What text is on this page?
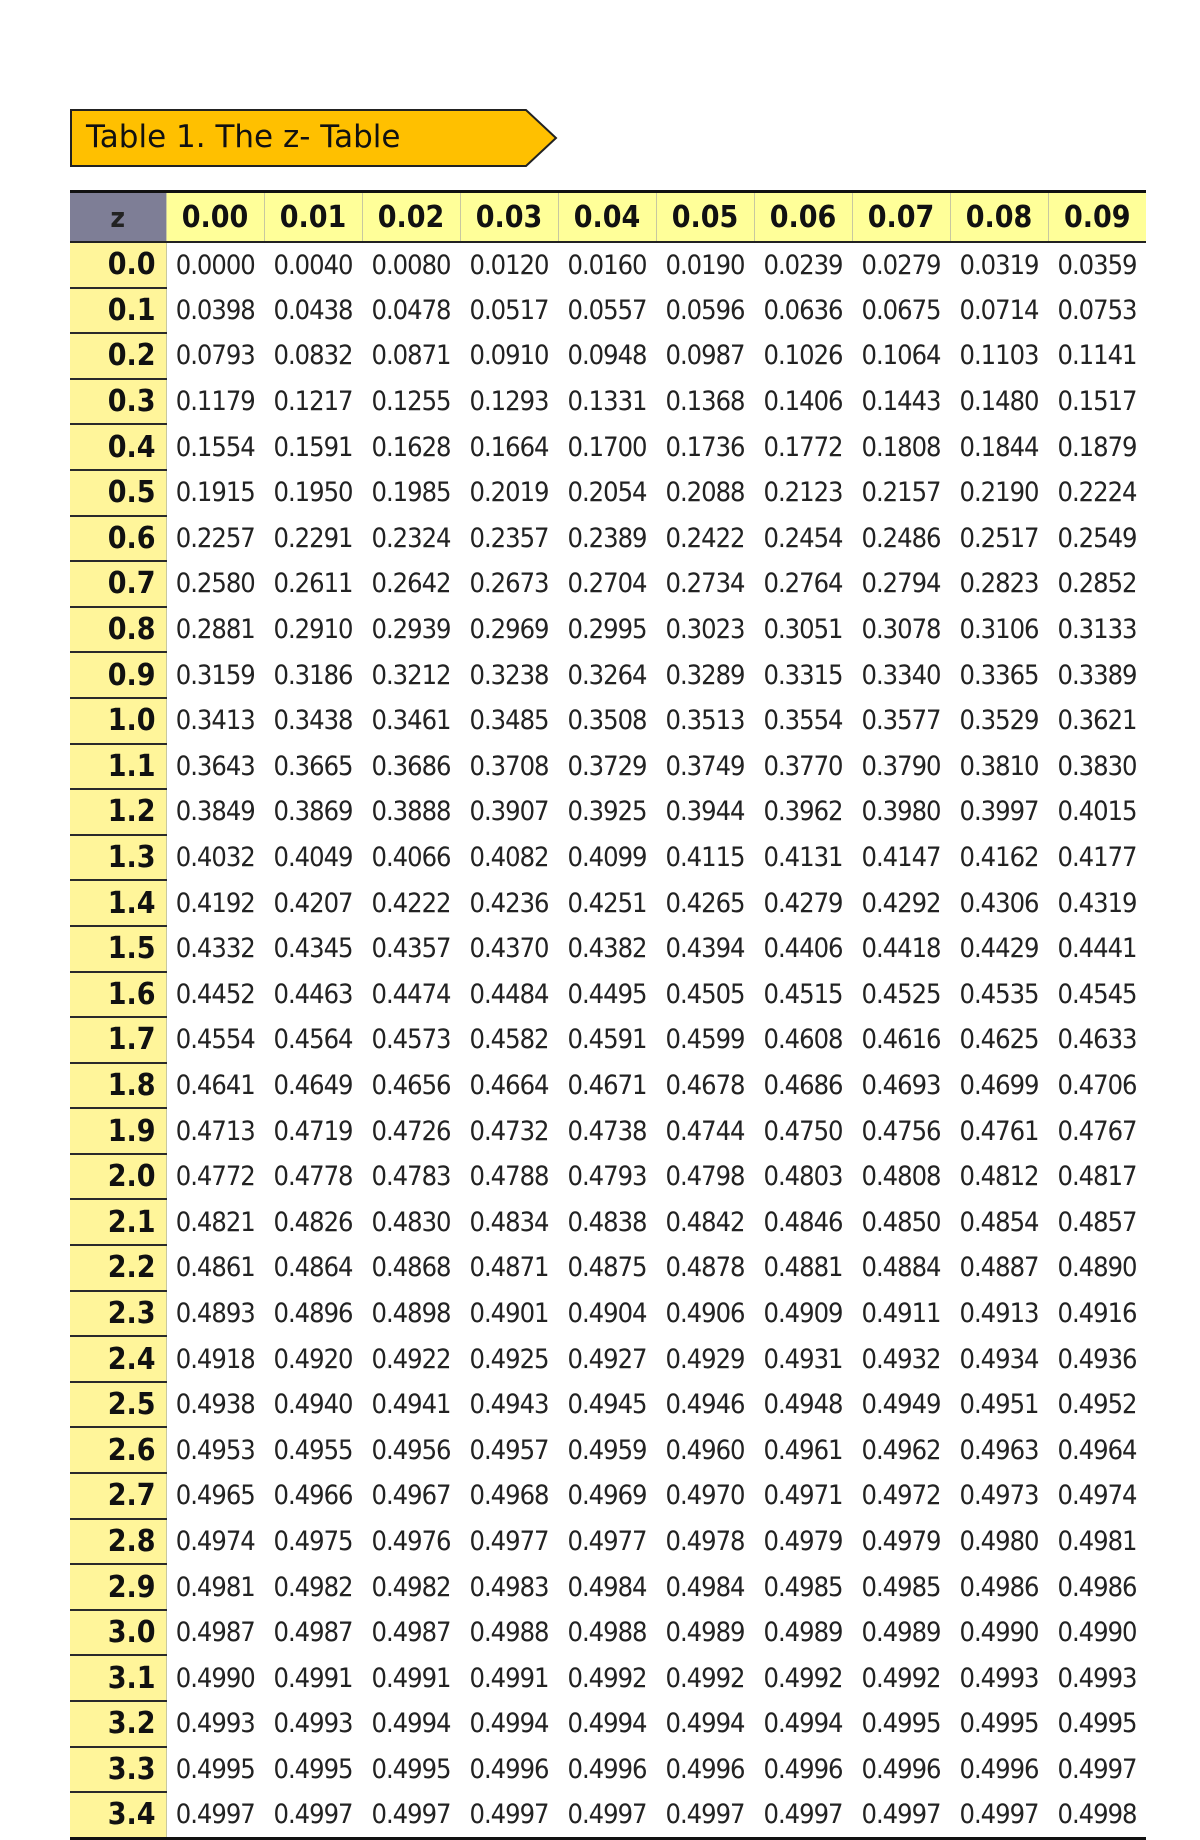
Table 1. The z- Table
z	0.00	0.01	0.02	0.03	0.04	0.05	0.06	0.07	0.08	0.09
0.0	0.0000	0.0040	0.0080	0.0120	0.0160	0.0190	0.0239	0.0279	0.0319	0.0359
0.1	0.0398	0.0438	0.0478	0.0517	0.0557	0.0596	0.0636	0.0675	0.0714	0.0753
0.2	0.0793	0.0832	0.0871	0.0910	0.0948	0.0987	0.1026	0.1064	0.1103	0.1141
0.3	0.1179	0.1217	0.1255	0.1293	0.1331	0.1368	0.1406	0.1443	0.1480	0.1517
0.4	0.1554	0.1591	0.1628	0.1664	0.1700	0.1736	0.1772	0.1808	0.1844	0.1879
0.5	0.1915	0.1950	0.1985	0.2019	0.2054	0.2088	0.2123	0.2157	0.2190	0.2224
0.6	0.2257	0.2291	0.2324	0.2357	0.2389	0.2422	0.2454	0.2486	0.2517	0.2549
0.7	0.2580	0.2611	0.2642	0.2673	0.2704	0.2734	0.2764	0.2794	0.2823	0.2852
0.8	0.2881	0.2910	0.2939	0.2969	0.2995	0.3023	0.3051	0.3078	0.3106	0.3133
0.9	0.3159	0.3186	0.3212	0.3238	0.3264	0.3289	0.3315	0.3340	0.3365	0.3389
1.0	0.3413	0.3438	0.3461	0.3485	0.3508	0.3513	0.3554	0.3577	0.3529	0.3621
1.1	0.3643	0.3665	0.3686	0.3708	0.3729	0.3749	0.3770	0.3790	0.3810	0.3830
1.2	0.3849	0.3869	0.3888	0.3907	0.3925	0.3944	0.3962	0.3980	0.3997	0.4015
1.3	0.4032	0.4049	0.4066	0.4082	0.4099	0.4115	0.4131	0.4147	0.4162	0.4177
1.4	0.4192	0.4207	0.4222	0.4236	0.4251	0.4265	0.4279	0.4292	0.4306	0.4319
1.5	0.4332	0.4345	0.4357	0.4370	0.4382	0.4394	0.4406	0.4418	0.4429	0.4441
1.6	0.4452	0.4463	0.4474	0.4484	0.4495	0.4505	0.4515	0.4525	0.4535	0.4545
1.7	0.4554	0.4564	0.4573	0.4582	0.4591	0.4599	0.4608	0.4616	0.4625	0.4633
1.8	0.4641	0.4649	0.4656	0.4664	0.4671	0.4678	0.4686	0.4693	0.4699	0.4706
1.9	0.4713	0.4719	0.4726	0.4732	0.4738	0.4744	0.4750	0.4756	0.4761	0.4767
2.0	0.4772	0.4778	0.4783	0.4788	0.4793	0.4798	0.4803	0.4808	0.4812	0.4817
2.1	0.4821	0.4826	0.4830	0.4834	0.4838	0.4842	0.4846	0.4850	0.4854	0.4857
2.2	0.4861	0.4864	0.4868	0.4871	0.4875	0.4878	0.4881	0.4884	0.4887	0.4890
2.3	0.4893	0.4896	0.4898	0.4901	0.4904	0.4906	0.4909	0.4911	0.4913	0.4916
2.4	0.4918	0.4920	0.4922	0.4925	0.4927	0.4929	0.4931	0.4932	0.4934	0.4936
2.5	0.4938	0.4940	0.4941	0.4943	0.4945	0.4946	0.4948	0.4949	0.4951	0.4952
2.6	0.4953	0.4955	0.4956	0.4957	0.4959	0.4960	0.4961	0.4962	0.4963	0.4964
2.7	0.4965	0.4966	0.4967	0.4968	0.4969	0.4970	0.4971	0.4972	0.4973	0.4974
2.8	0.4974	0.4975	0.4976	0.4977	0.4977	0.4978	0.4979	0.4979	0.4980	0.4981
2.9	0.4981	0.4982	0.4982	0.4983	0.4984	0.4984	0.4985	0.4985	0.4986	0.4986
3.0	0.4987	0.4987	0.4987	0.4988	0.4988	0.4989	0.4989	0.4989	0.4990	0.4990
3.1	0.4990	0.4991	0.4991	0.4991	0.4992	0.4992	0.4992	0.4992	0.4993	0.4993
3.2	0.4993	0.4993	0.4994	0.4994	0.4994	0.4994	0.4994	0.4995	0.4995	0.4995
3.3	0.4995	0.4995	0.4995	0.4996	0.4996	0.4996	0.4996	0.4996	0.4996	0.4997
3.4	0.4997	0.4997	0.4997	0.4997	0.4997	0.4997	0.4997	0.4997	0.4997	0.4998
